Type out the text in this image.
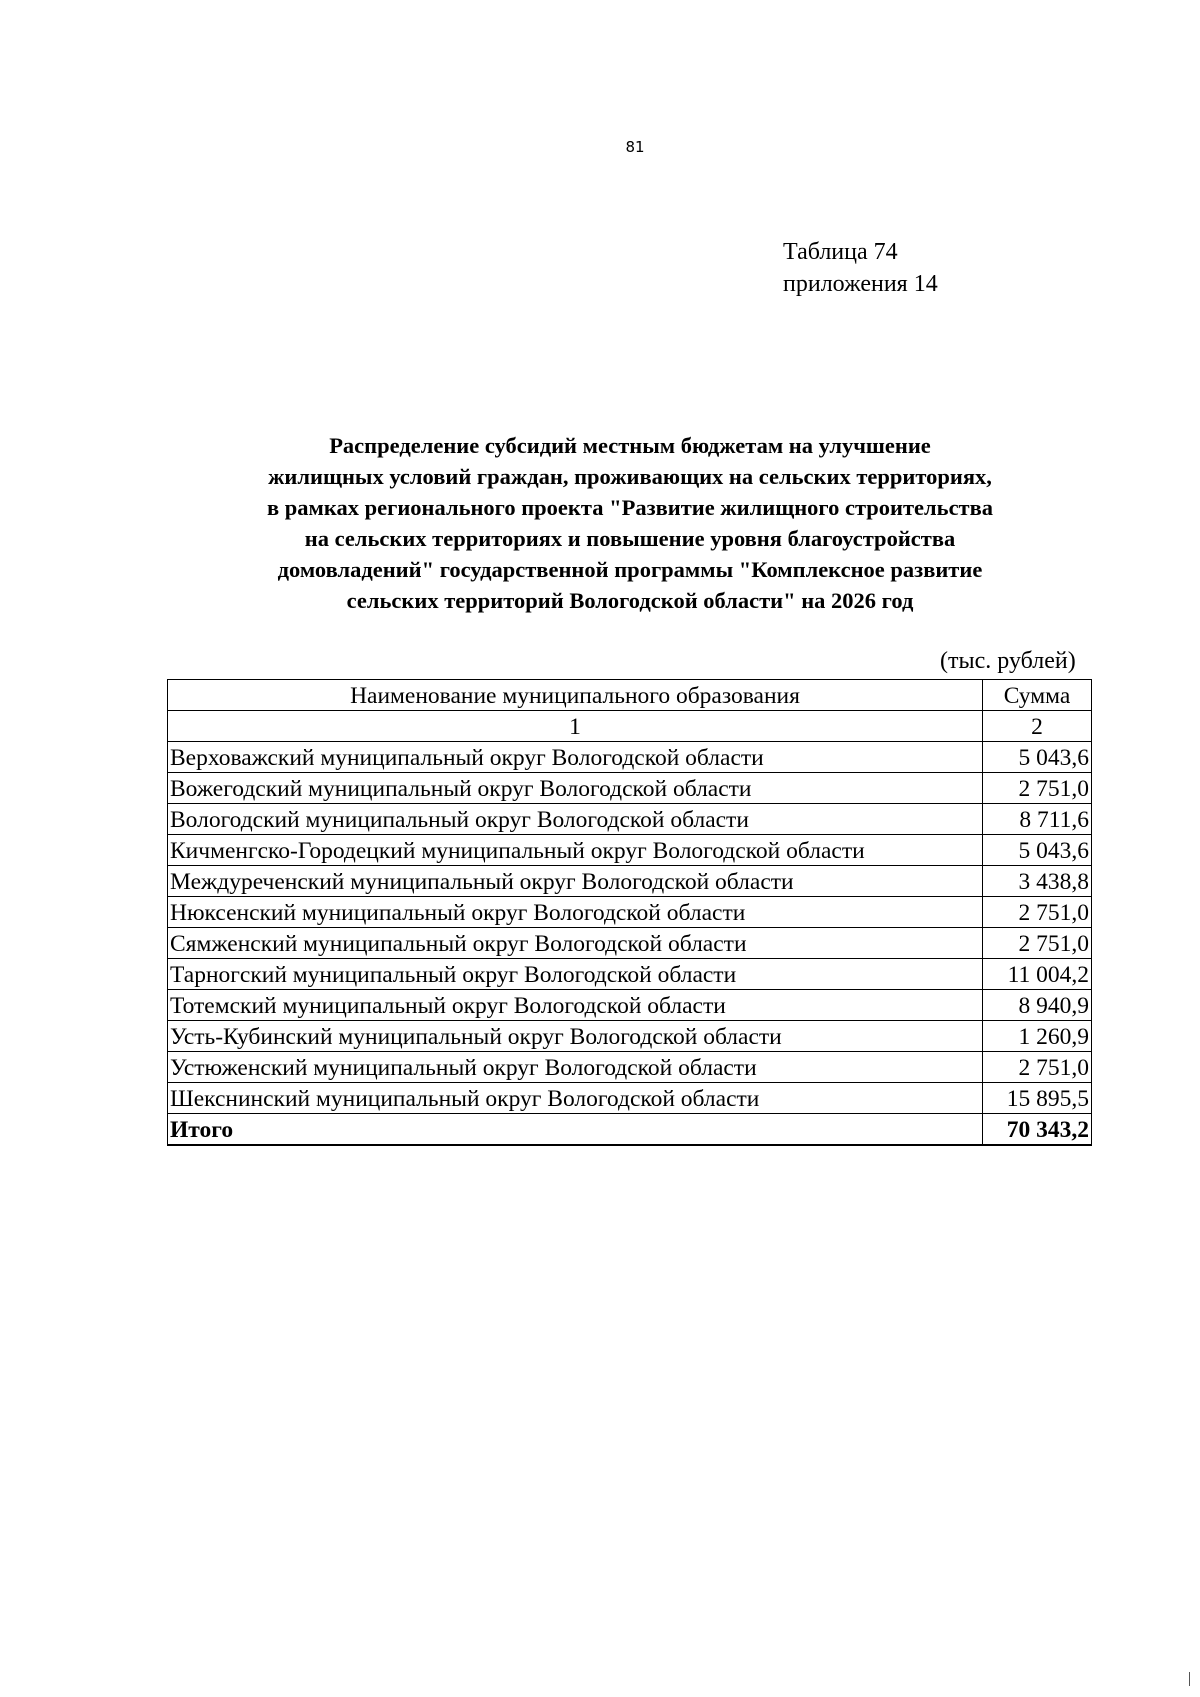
81
Таблица 74
приложения 14
Распределение субсидий местным бюджетам на улучшение
жилищных условий граждан, проживающих на сельских территориях,
в рамках регионального проекта "Развитие жилищного строительства
на сельских территориях и повышение уровня благоустройства
домовладений" государственной программы "Комплексное развитие
сельских территорий Вологодской области" на 2026 год
(тыс. рублей)
Наименование муниципального образования	Сумма
1	2
Верховажский муниципальный округ Вологодской области	5 043,6
Вожегодский муниципальный округ Вологодской области	2 751,0
Вологодский муниципальный округ Вологодской области	8 711,6
Кичменгско-Городецкий муниципальный округ Вологодской области	5 043,6
Междуреченский муниципальный округ Вологодской области	3 438,8
Нюксенский муниципальный округ Вологодской области	2 751,0
Сямженский муниципальный округ Вологодской области	2 751,0
Тарногский муниципальный округ Вологодской области	11 004,2
Тотемский муниципальный округ Вологодской области	8 940,9
Усть-Кубинский муниципальный округ Вологодской области	1 260,9
Устюженский муниципальный округ Вологодской области	2 751,0
Шекснинский муниципальный округ Вологодской области	15 895,5
Итого	70 343,2
